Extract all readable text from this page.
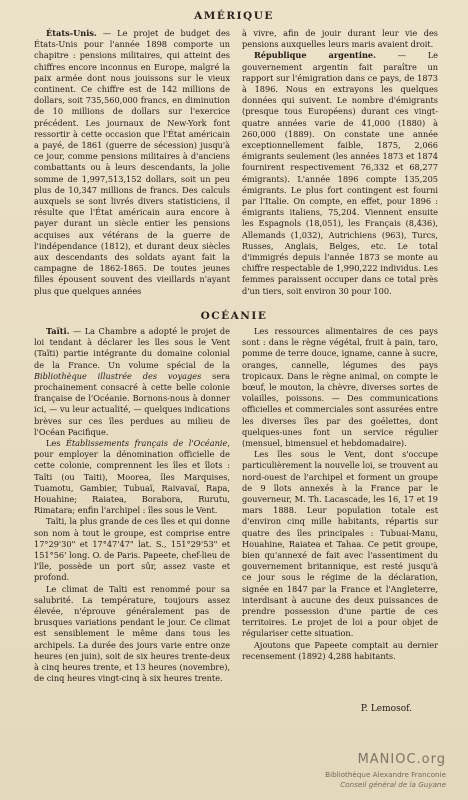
AMÉRIQUE

États-Unis. — Le projet de budget des États-Unis pour l'année 1898 comporte un chapitre : pensions militaires, qui atteint des chiffres encore inconnus en Europe, malgré la paix armée dont nous jouissons sur le vieux continent. Ce chiffre est de 142 millions de dollars, soit 735,560,000 francs, en diminution de 10 millions de dollars sur l'exercice précédent. Les journaux de New-York font ressortir à cette occasion que l'État américain a payé, de 1861 (guerre de sécession) jusqu'à ce jour, comme pensions militaires à d'anciens combattants ou à leurs descendants, la jolie somme de 1,997,513,152 dollars, soit un peu plus de 10,347 millions de francs. Des calculs auxquels se sont livrés divers statisticiens, il résulte que l'État américain aura encore à payer durant un siècle entier les pensions acquises aux vétérans de la guerre de l'indépendance (1812), et durant deux siècles aux descendants des soldats ayant fait la campagne de 1862-1865. De toutes jeunes filles épousent souvent des vieillards n'ayant plus que quelques années

à vivre, afin de jouir durant leur vie des pensions auxquelles leurs maris avaient droit.

République argentine. — Le gouvernement argentin fait paraître un rapport sur l'émigration dans ce pays, de 1873 à 1896. Nous en extrayons les quelques données qui suivent. Le nombre d'émigrants (presque tous Européens) durant ces vingt-quatre années varie de 41,000 (1880) à 260,000 (1889). On constate une année exceptionnellement faible, 1875, 2,066 émigrants seulement (les années 1873 et 1874 fournirent respectivement 76,332 et 68,277 émigrants). L'année 1896 compte 135,205 émigrants. Le plus fort contingent est fourni par l'Italie. On compte, en effet, pour 1896 : émigrants italiens, 75,204. Viennent ensuite les Espagnols (18,051), les Français (8,436), Allemands (1,032), Autrichiens (963), Turcs, Russes, Anglais, Belges, etc. Le total d'immigrés depuis l'année 1873 se monte au chiffre respectable de 1,990,222 individus. Les femmes paraissent occuper dans ce total près d'un tiers, soit environ 30 pour 100.

OCÉANIE

Taïti. — La Chambre a adopté le projet de loi tendant à déclarer les îles sous le Vent (Taïti) partie intégrante du domaine colonial de la France. Un volume spécial de la Bibliothèque illustrée des voyages sera prochainement consacré à cette belle colonie française de l'Océanie. Bornons-nous à donner ici, — vu leur actualité, — quelques indications brèves sur ces îles perdues au milieu de l'Océan Pacifique.

Les Établissements français de l'Océanie, pour employer la dénomination officielle de cette colonie, comprennent les îles et îlots : Taïti (ou Taiti), Moorea, îles Marquises, Tuamotu, Gambier, Tubuaï, Raivavaï, Rapa, Houahine; Raiatea, Borabora, Rurutu, Rimatara; enfin l'archipel : îles sous le Vent.

Taïti, la plus grande de ces îles et qui donne son nom à tout le groupe, est comprise entre 17°29'30" et 17°47'47" lat. S., 151°29'53" et 151°56' long. O. de Paris. Papeete, chef-lieu de l'île, possède un port sûr, assez vaste et profond.

Le climat de Taïti est renommé pour sa salubrité. La température, toujours assez élevée, n'éprouve généralement pas de brusques variations pendant le jour. Ce climat est sensiblement le même dans tous les archipels. La durée des jours varie entre onze heures (en juin), soit de six heures trente-deux à cinq heures trente, et 13 heures (novembre), de cinq heures vingt-cinq à six heures trente.

Les ressources alimentaires de ces pays sont : dans le règne végétal, fruit à pain, taro, pomme de terre douce, igname, canne à sucre, oranges, cannelle, légumes des pays tropicaux. Dans le règne animal, on compte le bœuf, le mouton, la chèvre, diverses sortes de volailles, poissons. — Des communications officielles et commerciales sont assurées entre les diverses îles par des goélettes, dont quelques-unes font un service régulier (mensuel, bimensuel et hebdomadaire).

Les îles sous le Vent, dont s'occupe particulièrement la nouvelle loi, se trouvent au nord-ouest de l'archipel et forment un groupe de 9 îlots annexés à la France par le gouverneur, M. Th. Lacascade, les 16, 17 et 19 mars 1888. Leur population totale est d'environ cinq mille habitants, répartis sur quatre des îles principales : Tubuai-Manu, Houahine, Raiatea et Tahaa. Ce petit groupe, bien qu'annexé de fait avec l'assentiment du gouvernement britannique, est resté jusqu'à ce jour sous le régime de la déclaration, signée en 1847 par la France et l'Angleterre, interdisant à aucune des deux puissances de prendre possession d'une partie de ces territoires. Le projet de loi a pour objet de régulariser cette situation.

Ajoutons que Papeete comptait au dernier recensement (1892) 4,288 habitants.

P. Lemosof.
MANIOC.org
Bibliothèque Alexandre Franconie
Conseil général de la Guyane
